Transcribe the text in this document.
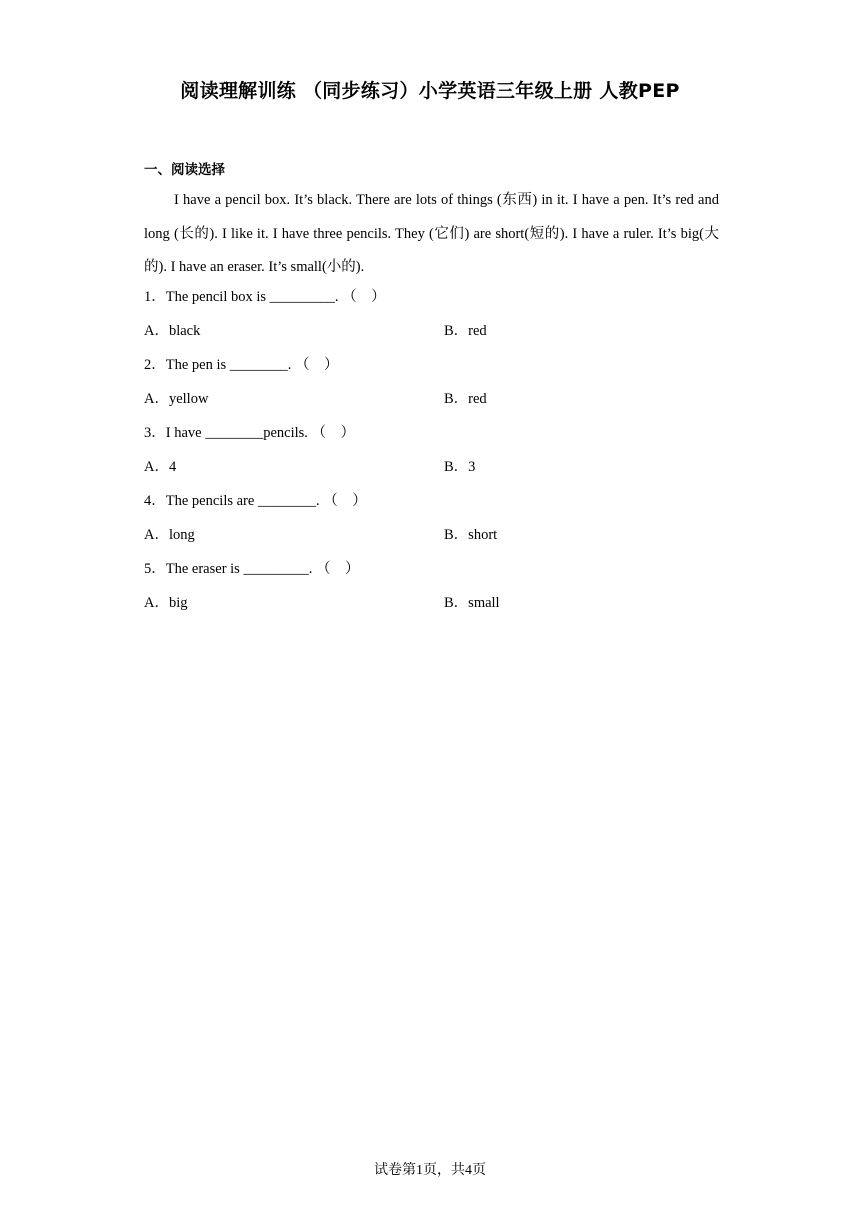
阅读理解训练 （同步练习）小学英语三年级上册 人教PEP
一、阅读选择

I have a pencil box. It’s black. There are lots of things (东西) in it. I have a pen. It’s red and long (长的). I like it. I have three pencils. They (它们) are short(短的). I have a ruler. It’s big(大的). I have an eraser. It’s small(小的).

1．The pencil box is _________. （　）
A．black	B．red
2．The pen is ________. （　）
A．yellow	B．red
3．I have ________pencils. （　）
A．4	B．3
4．The pencils are ________. （　）
A．long	B．short
5．The eraser is _________. （　）
A．big	B．small
试卷第1页，共4页
